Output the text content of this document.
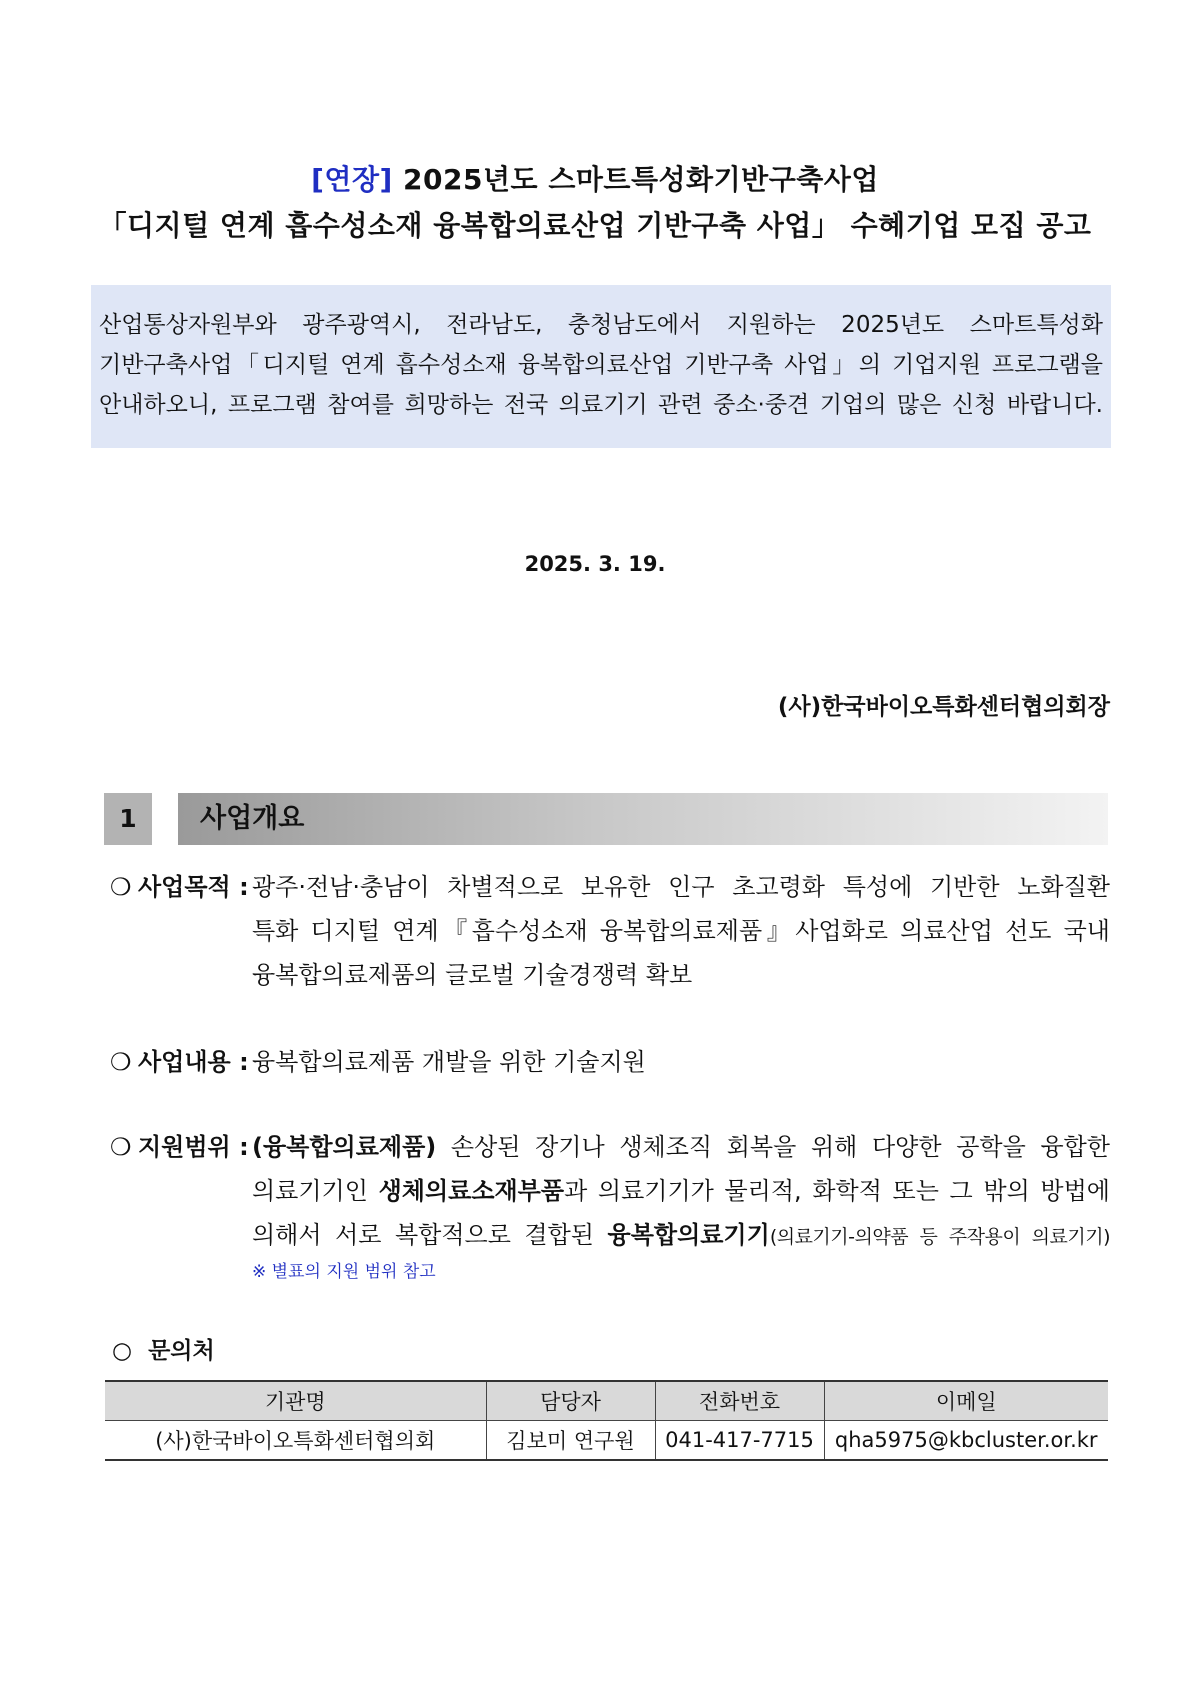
[연장] 2025년도 스마트특성화기반구축사업
「디지털 연계 흡수성소재 융복합의료산업 기반구축 사업」 수혜기업 모집 공고
산업통상자원부와 광주광역시, 전라남도, 충청남도에서 지원하는 2025년도 스마트특성화
기반구축사업「디지털 연계 흡수성소재 융복합의료산업 기반구축 사업」의 기업지원 프로그램을
안내하오니, 프로그램 참여를 희망하는 전국 의료기기 관련 중소·중견 기업의 많은 신청 바랍니다.
2025. 3. 19.
(사)한국바이오특화센터협의회장
1	사업개요
❍ 사업목적 : 광주·전남·충남이 차별적으로 보유한 인구 초고령화 특성에 기반한 노화질환
특화 디지털 연계『흡수성소재 융복합의료제품』사업화로 의료산업 선도 국내
융복합의료제품의 글로벌 기술경쟁력 확보
❍ 사업내용 : 융복합의료제품 개발을 위한 기술지원
❍ 지원범위 : (융복합의료제품) 손상된 장기나 생체조직 회복을 위해 다양한 공학을 융합한
의료기기인 생체의료소재부품과 의료기기가 물리적, 화학적 또는 그 밖의 방법에
의해서 서로 복합적으로 결합된 융복합의료기기(의료기기-의약품 등 주작용이 의료기기)
※ 별표의 지원 범위 참고
○ 문의처
기관명	담당자	전화번호	이메일
(사)한국바이오특화센터협의회	김보미 연구원	041-417-7715	qha5975@kbcluster.or.kr
